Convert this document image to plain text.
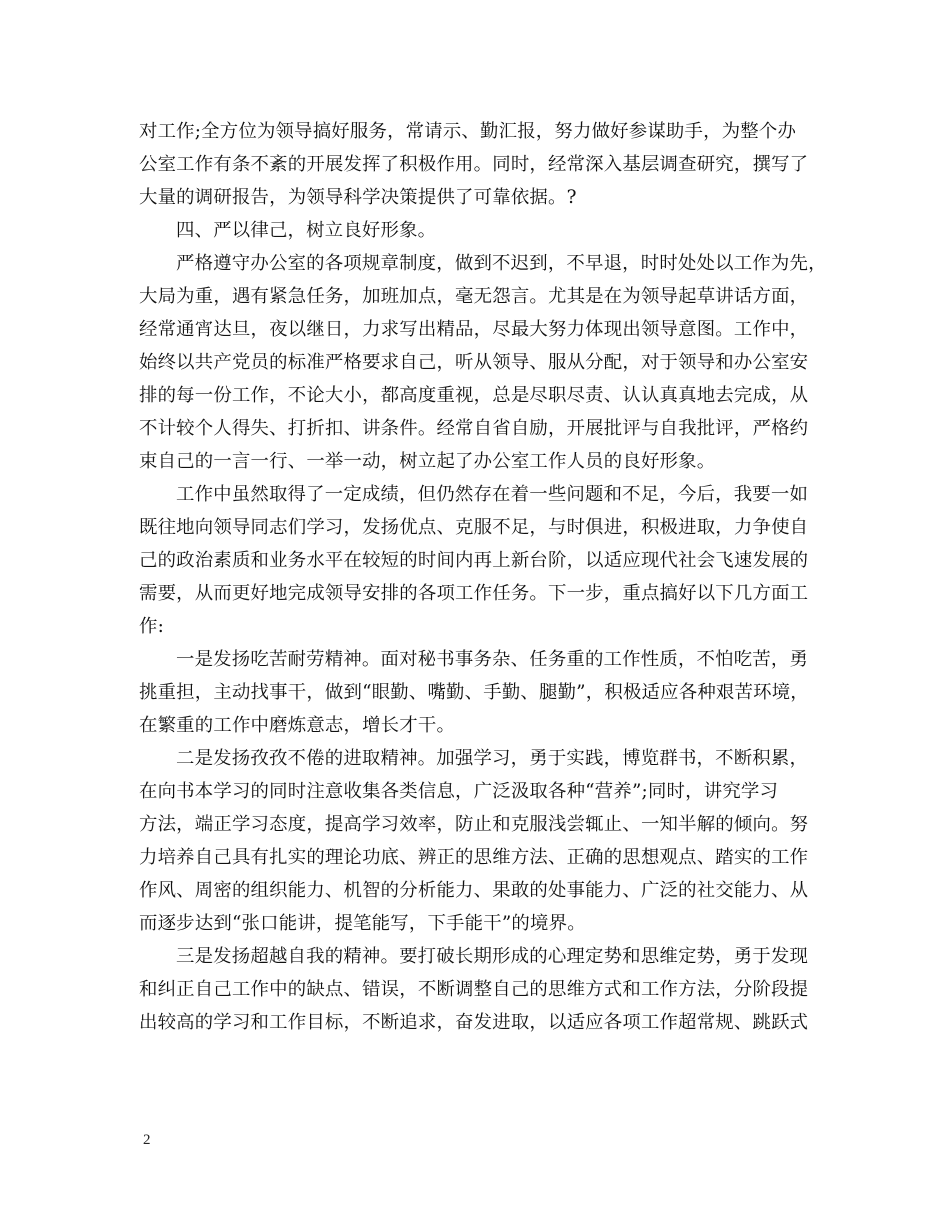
对工作;全方位为领导搞好服务，常请示、勤汇报，努力做好参谋助手，为整个办
公室工作有条不紊的开展发挥了积极作用。同时，经常深入基层调查研究，撰写了
大量的调研报告，为领导科学决策提供了可靠依据。?
四、严以律己，树立良好形象。
严格遵守办公室的各项规章制度，做到不迟到，不早退，时时处处以工作为先，
大局为重，遇有紧急任务，加班加点，毫无怨言。尤其是在为领导起草讲话方面，
经常通宵达旦，夜以继日，力求写出精品，尽最大努力体现出领导意图。工作中，
始终以共产党员的标准严格要求自己，听从领导、服从分配，对于领导和办公室安
排的每一份工作，不论大小，都高度重视，总是尽职尽责、认认真真地去完成，从
不计较个人得失、打折扣、讲条件。经常自省自励，开展批评与自我批评，严格约
束自己的一言一行、一举一动，树立起了办公室工作人员的良好形象。
工作中虽然取得了一定成绩，但仍然存在着一些问题和不足，今后，我要一如
既往地向领导同志们学习，发扬优点、克服不足，与时俱进，积极进取，力争使自
己的政治素质和业务水平在较短的时间内再上新台阶，以适应现代社会飞速发展的
需要，从而更好地完成领导安排的各项工作任务。下一步，重点搞好以下几方面工
作:
一是发扬吃苦耐劳精神。面对秘书事务杂、任务重的工作性质，不怕吃苦，勇
挑重担，主动找事干，做到“眼勤、嘴勤、手勤、腿勤”，积极适应各种艰苦环境，
在繁重的工作中磨炼意志，增长才干。
二是发扬孜孜不倦的进取精神。加强学习，勇于实践，博览群书，不断积累，
在向书本学习的同时注意收集各类信息，广泛汲取各种“营养”;同时，讲究学习
方法，端正学习态度，提高学习效率，防止和克服浅尝辄止、一知半解的倾向。努
力培养自己具有扎实的理论功底、辨正的思维方法、正确的思想观点、踏实的工作
作风、周密的组织能力、机智的分析能力、果敢的处事能力、广泛的社交能力、从
而逐步达到“张口能讲，提笔能写，下手能干”的境界。
三是发扬超越自我的精神。要打破长期形成的心理定势和思维定势，勇于发现
和纠正自己工作中的缺点、错误，不断调整自己的思维方式和工作方法，分阶段提
出较高的学习和工作目标，不断追求，奋发进取，以适应各项工作超常规、跳跃式
2
